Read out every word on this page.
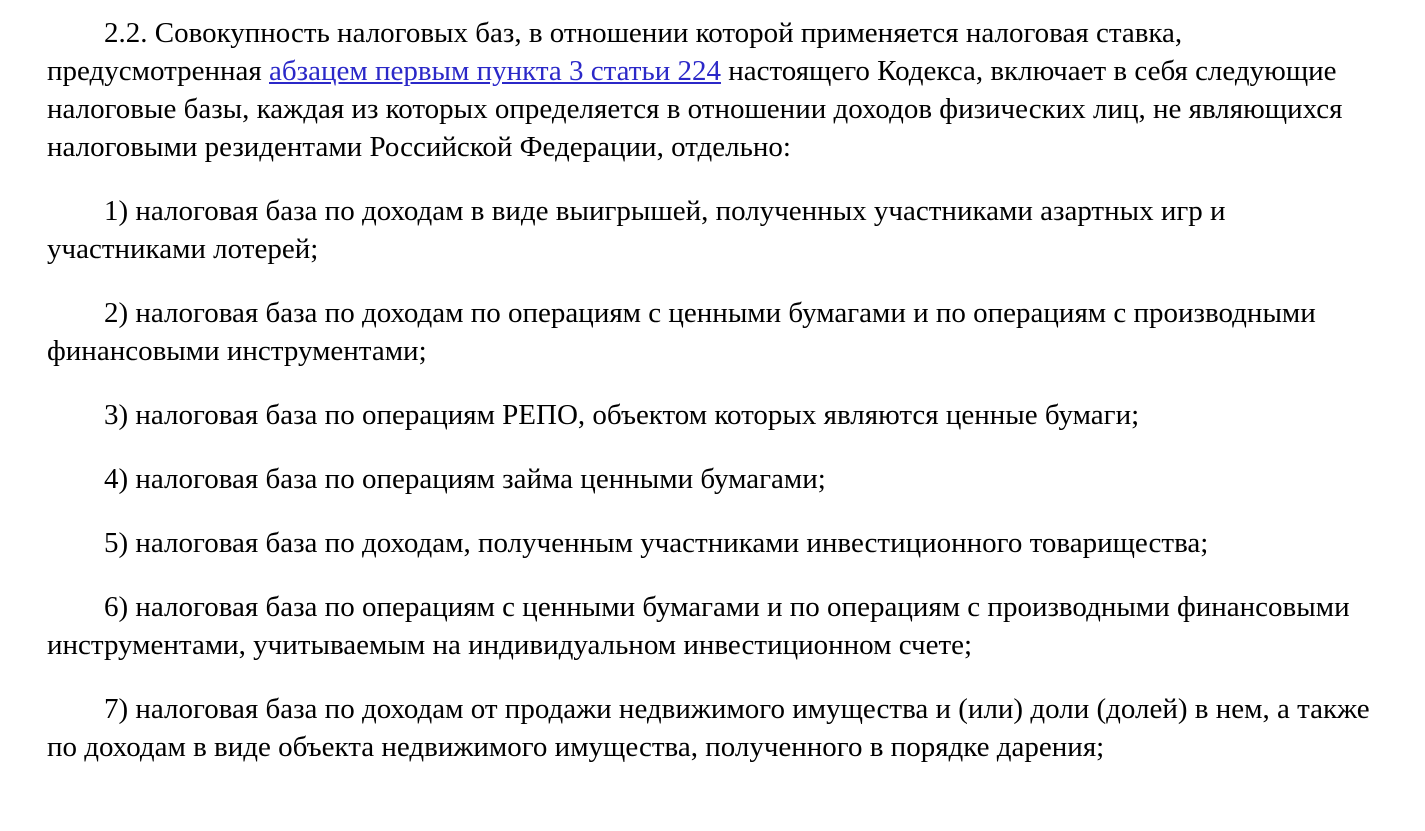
2.2. Совокупность налоговых баз, в отношении которой применяется налоговая ставка, предусмотренная абзацем первым пункта 3 статьи 224 настоящего Кодекса, включает в себя следующие налоговые базы, каждая из которых определяется в отношении доходов физических лиц, не являющихся налоговыми резидентами Российской Федерации, отдельно:

1) налоговая база по доходам в виде выигрышей, полученных участниками азартных игр и участниками лотерей;

2) налоговая база по доходам по операциям с ценными бумагами и по операциям с производными финансовыми инструментами;

3) налоговая база по операциям РЕПО, объектом которых являются ценные бумаги;

4) налоговая база по операциям займа ценными бумагами;

5) налоговая база по доходам, полученным участниками инвестиционного товарищества;

6) налоговая база по операциям с ценными бумагами и по операциям с производными финансовыми инструментами, учитываемым на индивидуальном инвестиционном счете;

7) налоговая база по доходам от продажи недвижимого имущества и (или) доли (долей) в нем, а также по доходам в виде объекта недвижимого имущества, полученного в порядке дарения;
